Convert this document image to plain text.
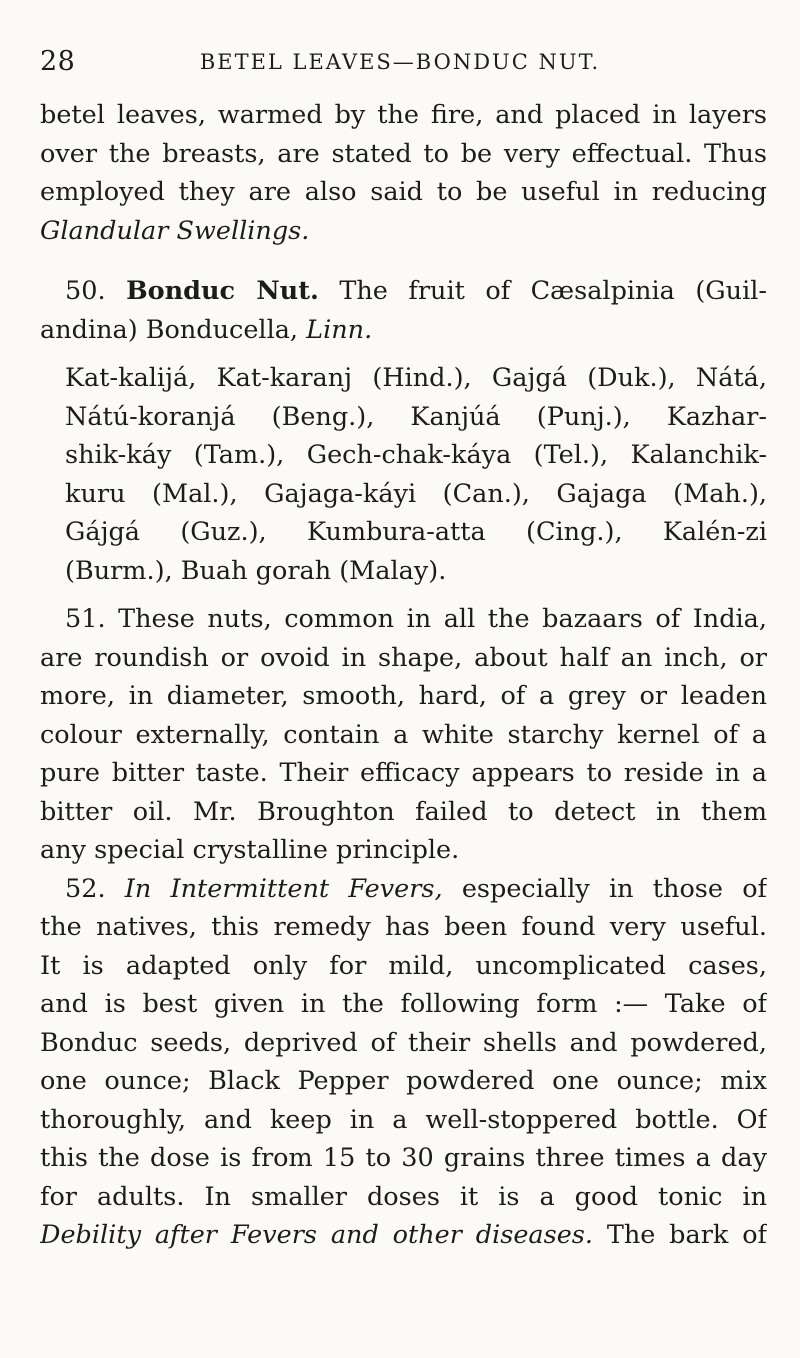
28	BETEL LEAVES—BONDUC NUT.
betel leaves, warmed by the fire, and placed in layers
over the breasts, are stated to be very effectual. Thus
employed they are also said to be useful in reducing
Glandular Swellings.
50. Bonduc Nut. The fruit of Cæsalpinia (Guil-
andina) Bonducella, Linn.
Kat-kalijá, Kat-karanj (Hind.), Gajgá (Duk.), Nátá,
Nátú-koranjá (Beng.), Kanjúá (Punj.), Kazhar-
shik-káy (Tam.), Gech-chak-káya (Tel.), Kalanchik-
kuru (Mal.), Gajaga-káyi (Can.), Gajaga (Mah.),
Gájgá (Guz.), Kumbura-atta (Cing.), Kalén-zi
(Burm.), Buah gorah (Malay).
51. These nuts, common in all the bazaars of India,
are roundish or ovoid in shape, about half an inch, or
more, in diameter, smooth, hard, of a grey or leaden
colour externally, contain a white starchy kernel of a
pure bitter taste. Their efficacy appears to reside in a
bitter oil. Mr. Broughton failed to detect in them
any special crystalline principle.
52. In Intermittent Fevers, especially in those of
the natives, this remedy has been found very useful.
It is adapted only for mild, uncomplicated cases,
and is best given in the following form :— Take of
Bonduc seeds, deprived of their shells and powdered,
one ounce; Black Pepper powdered one ounce; mix
thoroughly, and keep in a well-stoppered bottle. Of
this the dose is from 15 to 30 grains three times a day
for adults. In smaller doses it is a good tonic in
Debility after Fevers and other diseases. The bark of
